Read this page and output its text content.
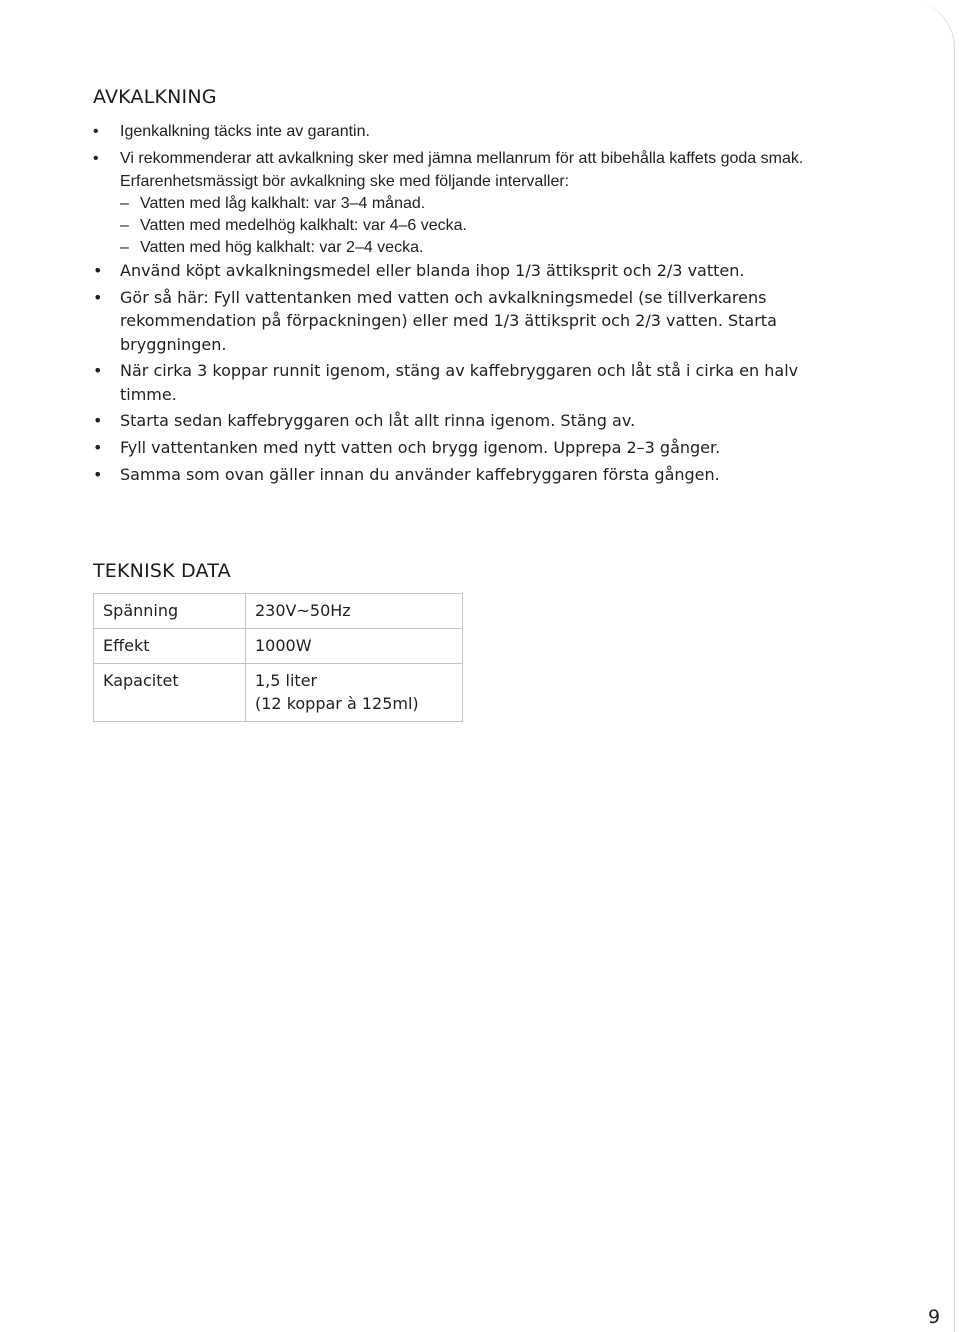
AVKALKNING
• Igenkalkning täcks inte av garantin.
• Vi rekommenderar att avkalkning sker med jämna mellanrum för att bibehålla kaffets goda smak. Erfarenhetsmässigt bör avkalkning ske med följande intervaller:
– Vatten med låg kalkhalt: var 3–4 månad.
– Vatten med medelhög kalkhalt: var 4–6 vecka.
– Vatten med hög kalkhalt: var 2–4 vecka.
• Använd köpt avkalkningsmedel eller blanda ihop 1/3 ättiksprit och 2/3 vatten.
• Gör så här: Fyll vattentanken med vatten och avkalkningsmedel (se tillverkarens rekommendation på förpackningen) eller med 1/3 ättiksprit och 2/3 vatten. Starta bryggningen.
• När cirka 3 koppar runnit igenom, stäng av kaffebryggaren och låt stå i cirka en halv timme.
• Starta sedan kaffebryggaren och låt allt rinna igenom. Stäng av.
• Fyll vattentanken med nytt vatten och brygg igenom. Upprepa 2–3 gånger.
• Samma som ovan gäller innan du använder kaffebryggaren första gången.
TEKNISK DATA
Spänning	230V~50Hz
Effekt	1000W
Kapacitet	1,5 liter
(12 koppar à 125ml)
9
